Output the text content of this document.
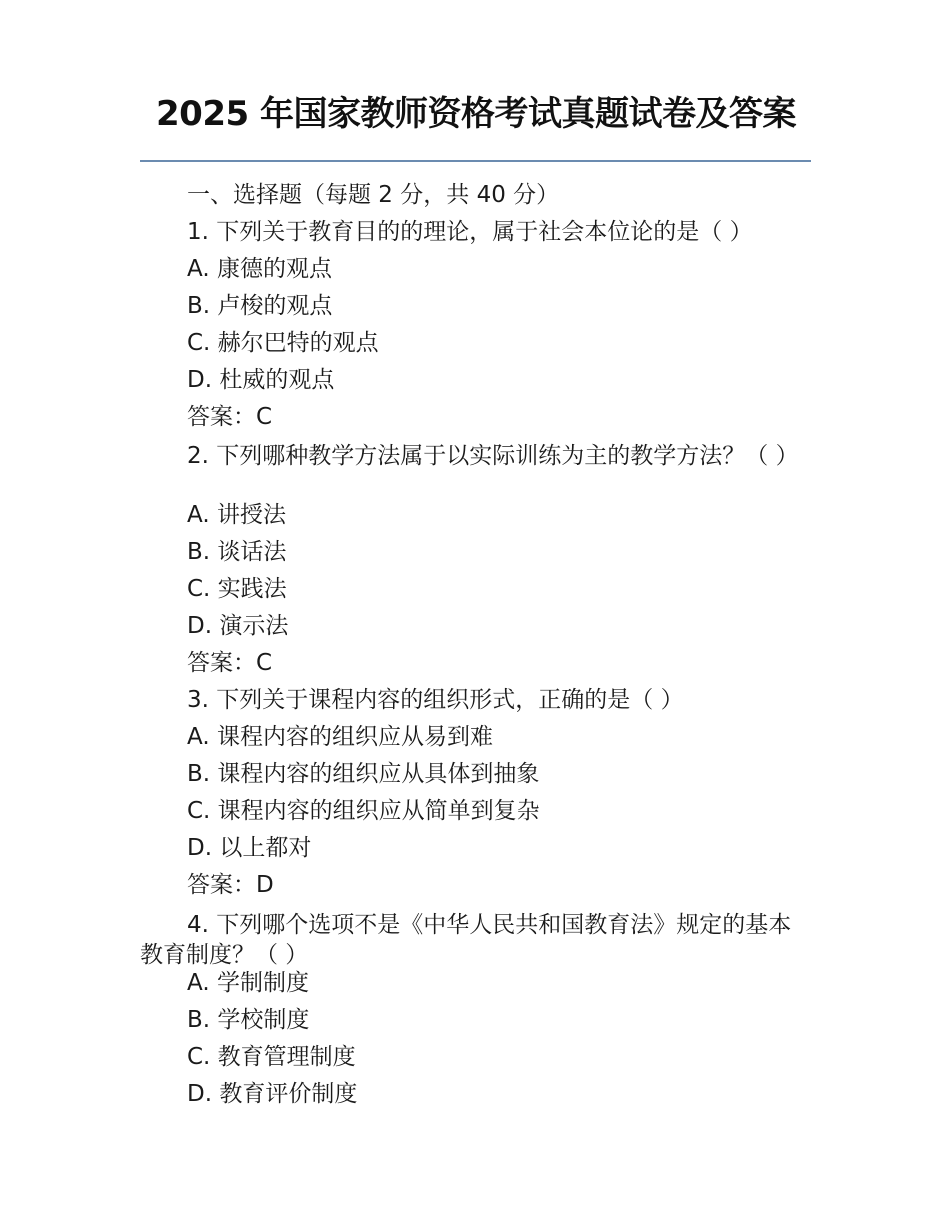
2025 年国家教师资格考试真题试卷及答案
一、选择题（每题 2 分，共 40 分）
1. 下列关于教育目的的理论，属于社会本位论的是（ ）
A. 康德的观点
B. 卢梭的观点
C. 赫尔巴特的观点
D. 杜威的观点
答案：C
2. 下列哪种教学方法属于以实际训练为主的教学方法？（ ）
A. 讲授法
B. 谈话法
C. 实践法
D. 演示法
答案：C
3. 下列关于课程内容的组织形式，正确的是（ ）
A. 课程内容的组织应从易到难
B. 课程内容的组织应从具体到抽象
C. 课程内容的组织应从简单到复杂
D. 以上都对
答案：D
4. 下列哪个选项不是《中华人民共和国教育法》规定的基本教育制度？（ ）
A. 学制制度
B. 学校制度
C. 教育管理制度
D. 教育评价制度
